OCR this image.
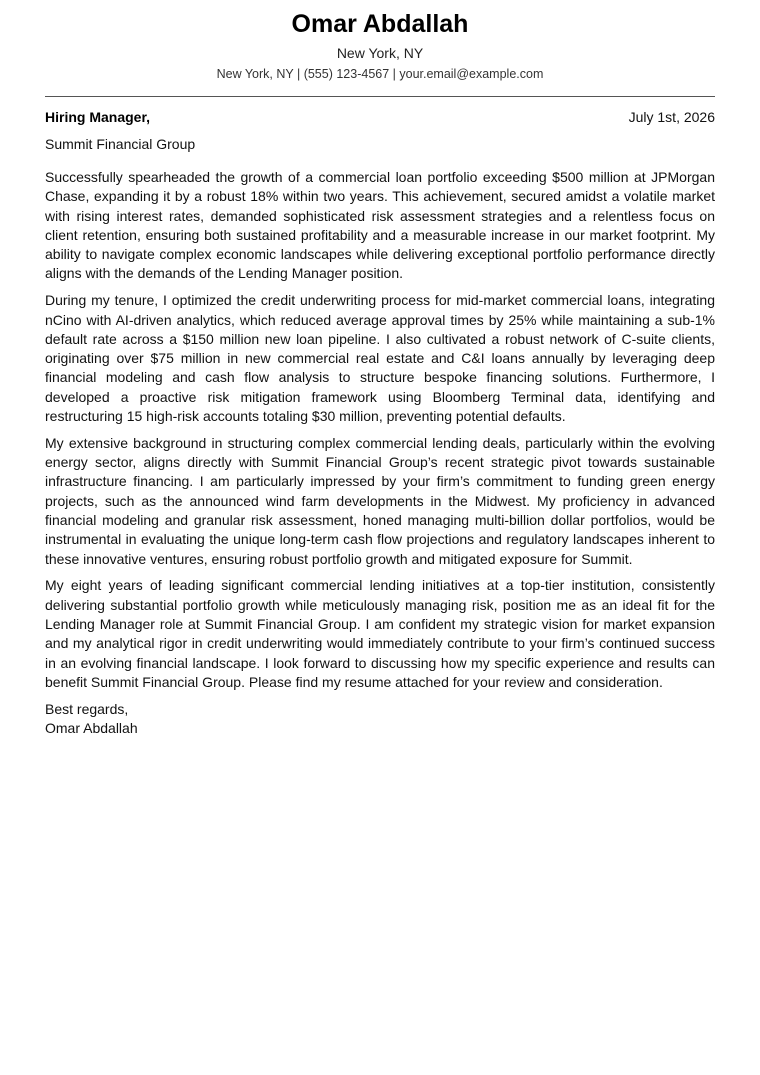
Omar Abdallah
New York, NY
New York, NY | (555) 123-4567 | your.email@example.com
Hiring Manager,	July 1st, 2026
Summit Financial Group

Successfully spearheaded the growth of a commercial loan portfolio exceeding $500 million at JPMorgan Chase, expanding it by a robust 18% within two years. This achievement, secured amidst a volatile market with rising interest rates, demanded sophisticated risk assessment strategies and a relentless focus on client retention, ensuring both sustained profitability and a measurable increase in our market footprint. My ability to navigate complex economic landscapes while delivering exceptional portfolio performance directly aligns with the demands of the Lending Manager position.

During my tenure, I optimized the credit underwriting process for mid-market commercial loans, integrating nCino with AI-driven analytics, which reduced average approval times by 25% while maintaining a sub-1% default rate across a $150 million new loan pipeline. I also cultivated a robust network of C-suite clients, originating over $75 million in new commercial real estate and C&I loans annually by leveraging deep financial modeling and cash flow analysis to structure bespoke financing solutions. Furthermore, I developed a proactive risk mitigation framework using Bloomberg Terminal data, identifying and restructuring 15 high-risk accounts totaling $30 million, preventing potential defaults.

My extensive background in structuring complex commercial lending deals, particularly within the evolving energy sector, aligns directly with Summit Financial Group’s recent strategic pivot towards sustainable infrastructure financing. I am particularly impressed by your firm’s commitment to funding green energy projects, such as the announced wind farm developments in the Midwest. My proficiency in advanced financial modeling and granular risk assessment, honed managing multi-billion dollar portfolios, would be instrumental in evaluating the unique long-term cash flow projections and regulatory landscapes inherent to these innovative ventures, ensuring robust portfolio growth and mitigated exposure for Summit.

My eight years of leading significant commercial lending initiatives at a top-tier institution, consistently delivering substantial portfolio growth while meticulously managing risk, position me as an ideal fit for the Lending Manager role at Summit Financial Group. I am confident my strategic vision for market expansion and my analytical rigor in credit underwriting would immediately contribute to your firm’s continued success in an evolving financial landscape. I look forward to discussing how my specific experience and results can benefit Summit Financial Group. Please find my resume attached for your review and consideration.

Best regards,
Omar Abdallah
